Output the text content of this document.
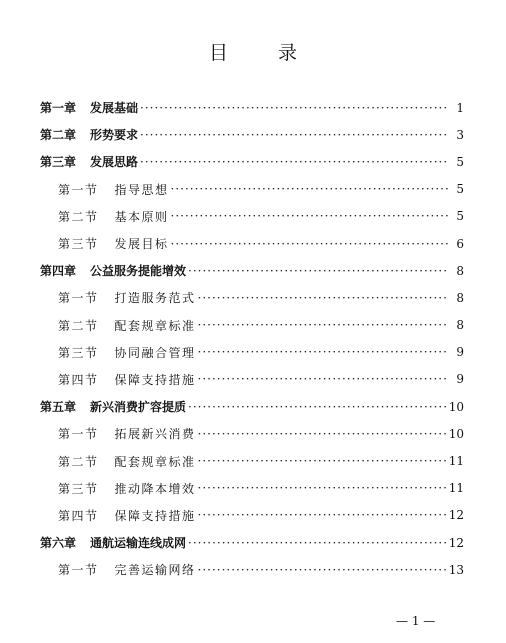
目 录
第一章 发展基础 ·····	1
第二章 形势要求 ·····	3
第三章 发展思路 ·····	5
第一节 指导思想 ·····	5
第二节 基本原则 ·····	5
第三节 发展目标 ·····	6
第四章 公益服务提能增效 ·····	8
第一节 打造服务范式 ·····	8
第二节 配套规章标准 ·····	8
第三节 协同融合管理 ·····	9
第四节 保障支持措施 ·····	9
第五章 新兴消费扩容提质 ·····	10
第一节 拓展新兴消费 ·····	10
第二节 配套规章标准 ·····	11
第三节 推动降本增效 ·····	11
第四节 保障支持措施 ·····	12
第六章 通航运输连线成网 ·····	12
第一节 完善运输网络 ·····	13
— 1 —
